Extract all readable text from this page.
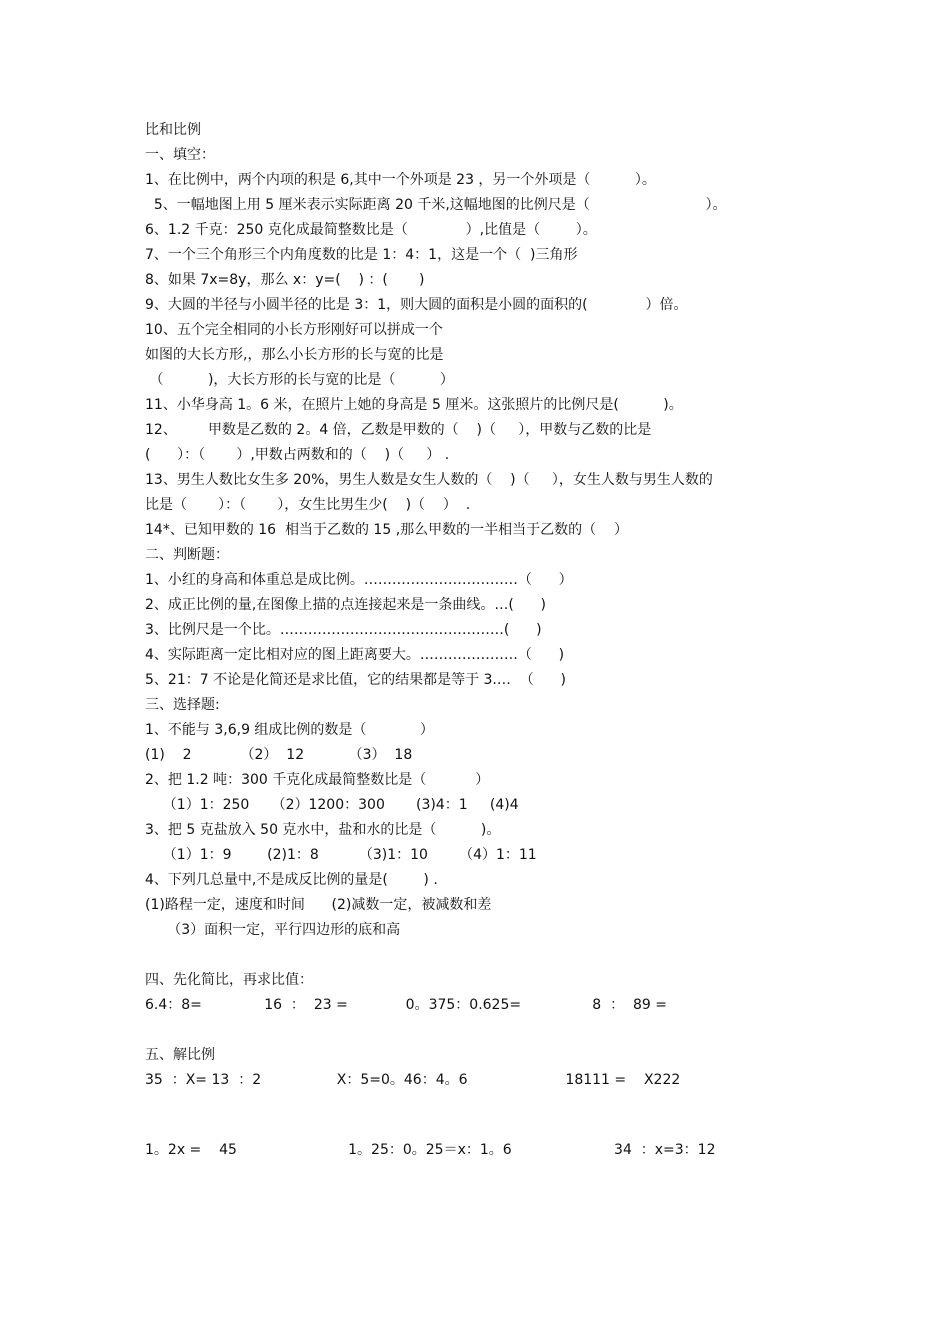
比和比例
一、填空：
1、在比例中，两个内项的积是 6,其中一个外项是 23 ，另一个外项是（          ）。
5、一幅地图上用 5 厘米表示实际距离 20 千米,这幅地图的比例尺是（                          ）。
6、1.2 千克：250 克化成最简整数比是（             ）,比值是（        ）。
7、一个三个角形三个内角度数的比是 1：4：1，这是一个（  )三角形
8、如果 7x=8y，那么 x：y=(    ) ：(       )
9、大圆的半径与小圆半径的比是 3：1，则大圆的面积是小圆的面积的(             ）倍。
10、五个完全相同的小长方形刚好可以拼成一个
如图的大长方形,，那么小长方形的长与宽的比是
（          )，大长方形的长与宽的比是（          ）
11、小华身高 1。6 米，在照片上她的身高是 5 厘米。这张照片的比例尺是(          )。
12、       甲数是乙数的 2。4 倍，乙数是甲数的（    )（     ），甲数与乙数的比是
(      ）：（       ）,甲数占两数和的（    )（     ） .
13、男生人数比女生多 20%，男生人数是女生人数的（    )（     ），女生人数与男生人数的
比是（       ）：（       ），女生比男生少(    )（    ）  .
14*、已知甲数的 16  相当于乙数的 15 ,那么甲数的一半相当于乙数的（    ）
二、判断题：
1、小红的身高和体重总是成比例。……………………………（      ）
2、成正比例的量,在图像上描的点连接起来是一条曲线。…(      )
3、比例尺是一个比。…………………………………………(      )
4、实际距离一定比相对应的图上距离要大。…………………（      )
5、21：7 不论是化简还是求比值，它的结果都是等于 3.…  （      )
三、选择题:
1、不能与 3,6,9 组成比例的数是（            ）
(1)    2           （2）  12          （3）  18
2、把 1.2 吨：300 千克化成最简整数比是（           ）
（1）1：250     （2）1200：300       (3)4：1     (4)4
3、把 5 克盐放入 50 克水中，盐和水的比是（          )。
（1）1：9        (2)1：8         （3)1：10       （4）1：11
4、下列几总量中,不是成反比例的量是(        ) .
(1)路程一定，速度和时间      (2)减数一定，被减数和差
（3）面积一定，平行四边形的底和高
四、先化简比，再求比值：
6.4：8=              16  ：  23 =             0。375：0.625=                8  ：  89 =
五、解比例
35  ：X= 13  ：2                 X：5=0。46：4。6                      18111 =    X222
1。2x =    45                         1。25：0。25＝x：1。6                       34  ：x=3：12
